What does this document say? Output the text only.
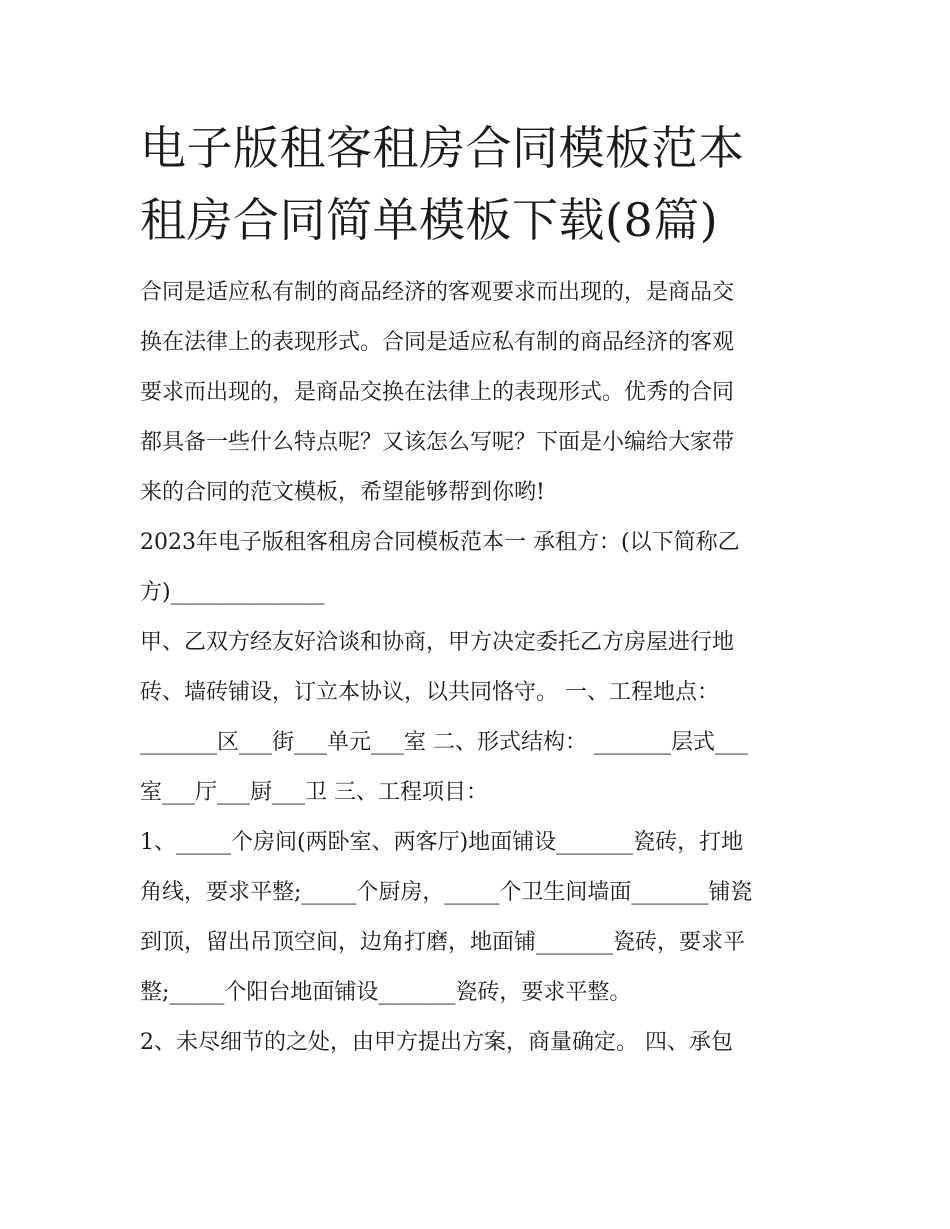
电子版租客租房合同模板范本
租房合同简单模板下载(8篇)

合同是适应私有制的商品经济的客观要求而出现的，是商品交
换在法律上的表现形式。合同是适应私有制的商品经济的客观
要求而出现的，是商品交换在法律上的表现形式。优秀的合同
都具备一些什么特点呢？又该怎么写呢？下面是小编给大家带
来的合同的范文模板，希望能够帮到你哟!

2023年电子版租客租房合同模板范本一 承租方：(以下简称乙
方)______________

甲、乙双方经友好洽谈和协商，甲方决定委托乙方房屋进行地
砖、墙砖铺设，订立本协议，以共同恪守。 一、工程地点：
_______区___街___单元___室 二、形式结构： _______层式___
室___厅___厨___卫 三、工程项目：

1、_____个房间(两卧室、两客厅)地面铺设_______瓷砖，打地
角线，要求平整;_____个厨房，_____个卫生间墙面_______铺瓷
到顶，留出吊顶空间，边角打磨，地面铺_______瓷砖，要求平
整;_____个阳台地面铺设_______瓷砖，要求平整。

2、未尽细节的之处，由甲方提出方案，商量确定。 四、承包
